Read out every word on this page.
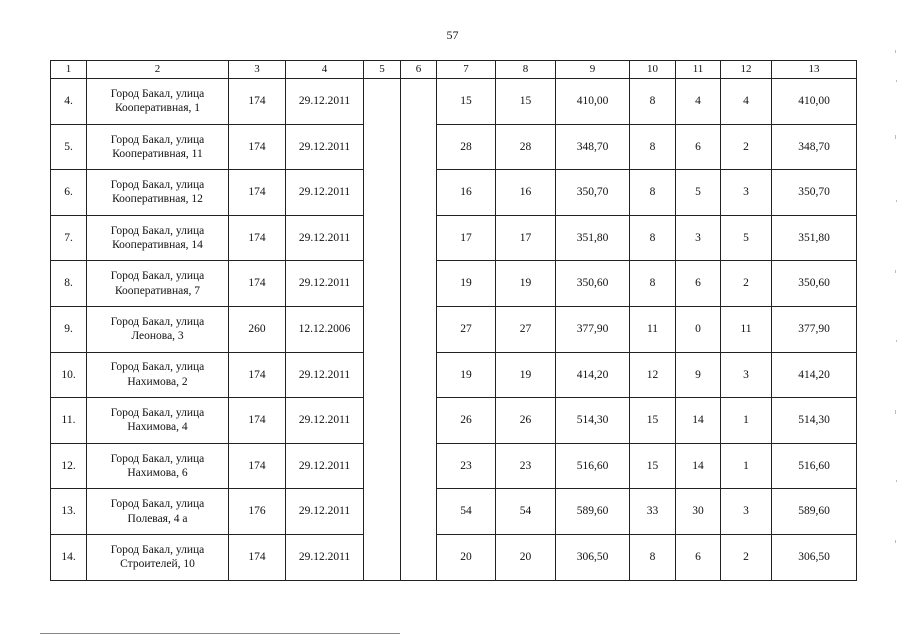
57
1	2	3	4	5	6	7	8	9	10	11	12	13
4.	Город Бакал, улица Кооперативная, 1	174	29.12.2011			15	15	410,00	8	4	4	410,00
5.	Город Бакал, улица Кооперативная, 11	174	29.12.2011			28	28	348,70	8	6	2	348,70
6.	Город Бакал, улица Кооперативная, 12	174	29.12.2011			16	16	350,70	8	5	3	350,70
7.	Город Бакал, улица Кооперативная, 14	174	29.12.2011			17	17	351,80	8	3	5	351,80
8.	Город Бакал, улица Кооперативная, 7	174	29.12.2011			19	19	350,60	8	6	2	350,60
9.	Город Бакал, улица Леонова, 3	260	12.12.2006			27	27	377,90	11	0	11	377,90
10.	Город Бакал, улица Нахимова, 2	174	29.12.2011			19	19	414,20	12	9	3	414,20
11.	Город Бакал, улица Нахимова, 4	174	29.12.2011			26	26	514,30	15	14	1	514,30
12.	Город Бакал, улица Нахимова, 6	174	29.12.2011			23	23	516,60	15	14	1	516,60
13.	Город Бакал, улица Полевая, 4 а	176	29.12.2011			54	54	589,60	33	30	3	589,60
14.	Город Бакал, улица Строителей, 10	174	29.12.2011			20	20	306,50	8	6	2	306,50
